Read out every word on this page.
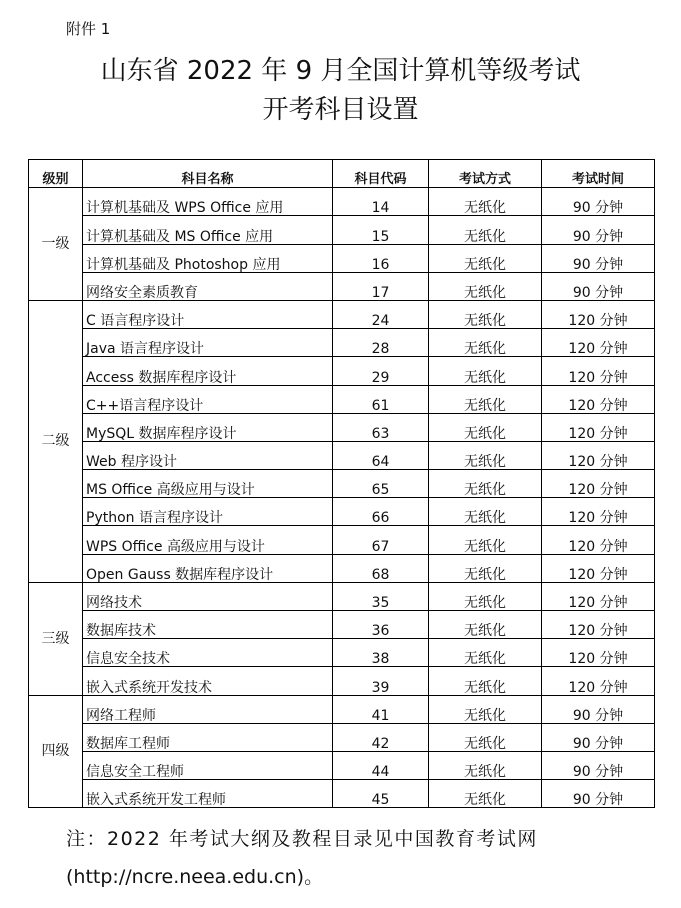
附件 1
山东省 2022 年 9 月全国计算机等级考试
开考科目设置
级别	科目名称	科目代码	考试方式	考试时间
一级	计算机基础及 WPS Office 应用	14	无纸化	90 分钟
	计算机基础及 MS Office 应用	15	无纸化	90 分钟
	计算机基础及 Photoshop 应用	16	无纸化	90 分钟
	网络安全素质教育	17	无纸化	90 分钟
二级	C 语言程序设计	24	无纸化	120 分钟
	Java 语言程序设计	28	无纸化	120 分钟
	Access 数据库程序设计	29	无纸化	120 分钟
	C++语言程序设计	61	无纸化	120 分钟
	MySQL 数据库程序设计	63	无纸化	120 分钟
	Web 程序设计	64	无纸化	120 分钟
	MS Office 高级应用与设计	65	无纸化	120 分钟
	Python 语言程序设计	66	无纸化	120 分钟
	WPS Office 高级应用与设计	67	无纸化	120 分钟
	Open Gauss 数据库程序设计	68	无纸化	120 分钟
三级	网络技术	35	无纸化	120 分钟
	数据库技术	36	无纸化	120 分钟
	信息安全技术	38	无纸化	120 分钟
	嵌入式系统开发技术	39	无纸化	120 分钟
四级	网络工程师	41	无纸化	90 分钟
	数据库工程师	42	无纸化	90 分钟
	信息安全工程师	44	无纸化	90 分钟
	嵌入式系统开发工程师	45	无纸化	90 分钟
注：2022 年考试大纲及教程目录见中国教育考试网
(http://ncre.neea.edu.cn)。
